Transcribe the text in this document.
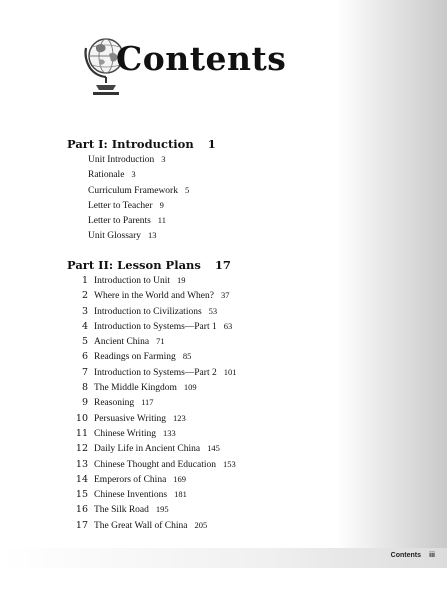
Contents iii
Contents
Part I: Introduction 1
Unit Introduction 3
Rationale 3
Curriculum Framework 5
Letter to Teacher 9
Letter to Parents 11
Unit Glossary 13
Part II: Lesson Plans 17
1 Introduction to Unit 19
2 Where in the World and When? 37
3 Introduction to Civilizations 53
4 Introduction to Systems—Part 1 63
5 Ancient China 71
6 Readings on Farming 85
7 Introduction to Systems—Part 2 101
8 The Middle Kingdom 109
9 Reasoning 117
10 Persuasive Writing 123
11 Chinese Writing 133
12 Daily Life in Ancient China 145
13 Chinese Thought and Education 153
14 Emperors of China 169
15 Chinese Inventions 181
16 The Silk Road 195
17 The Great Wall of China 205
